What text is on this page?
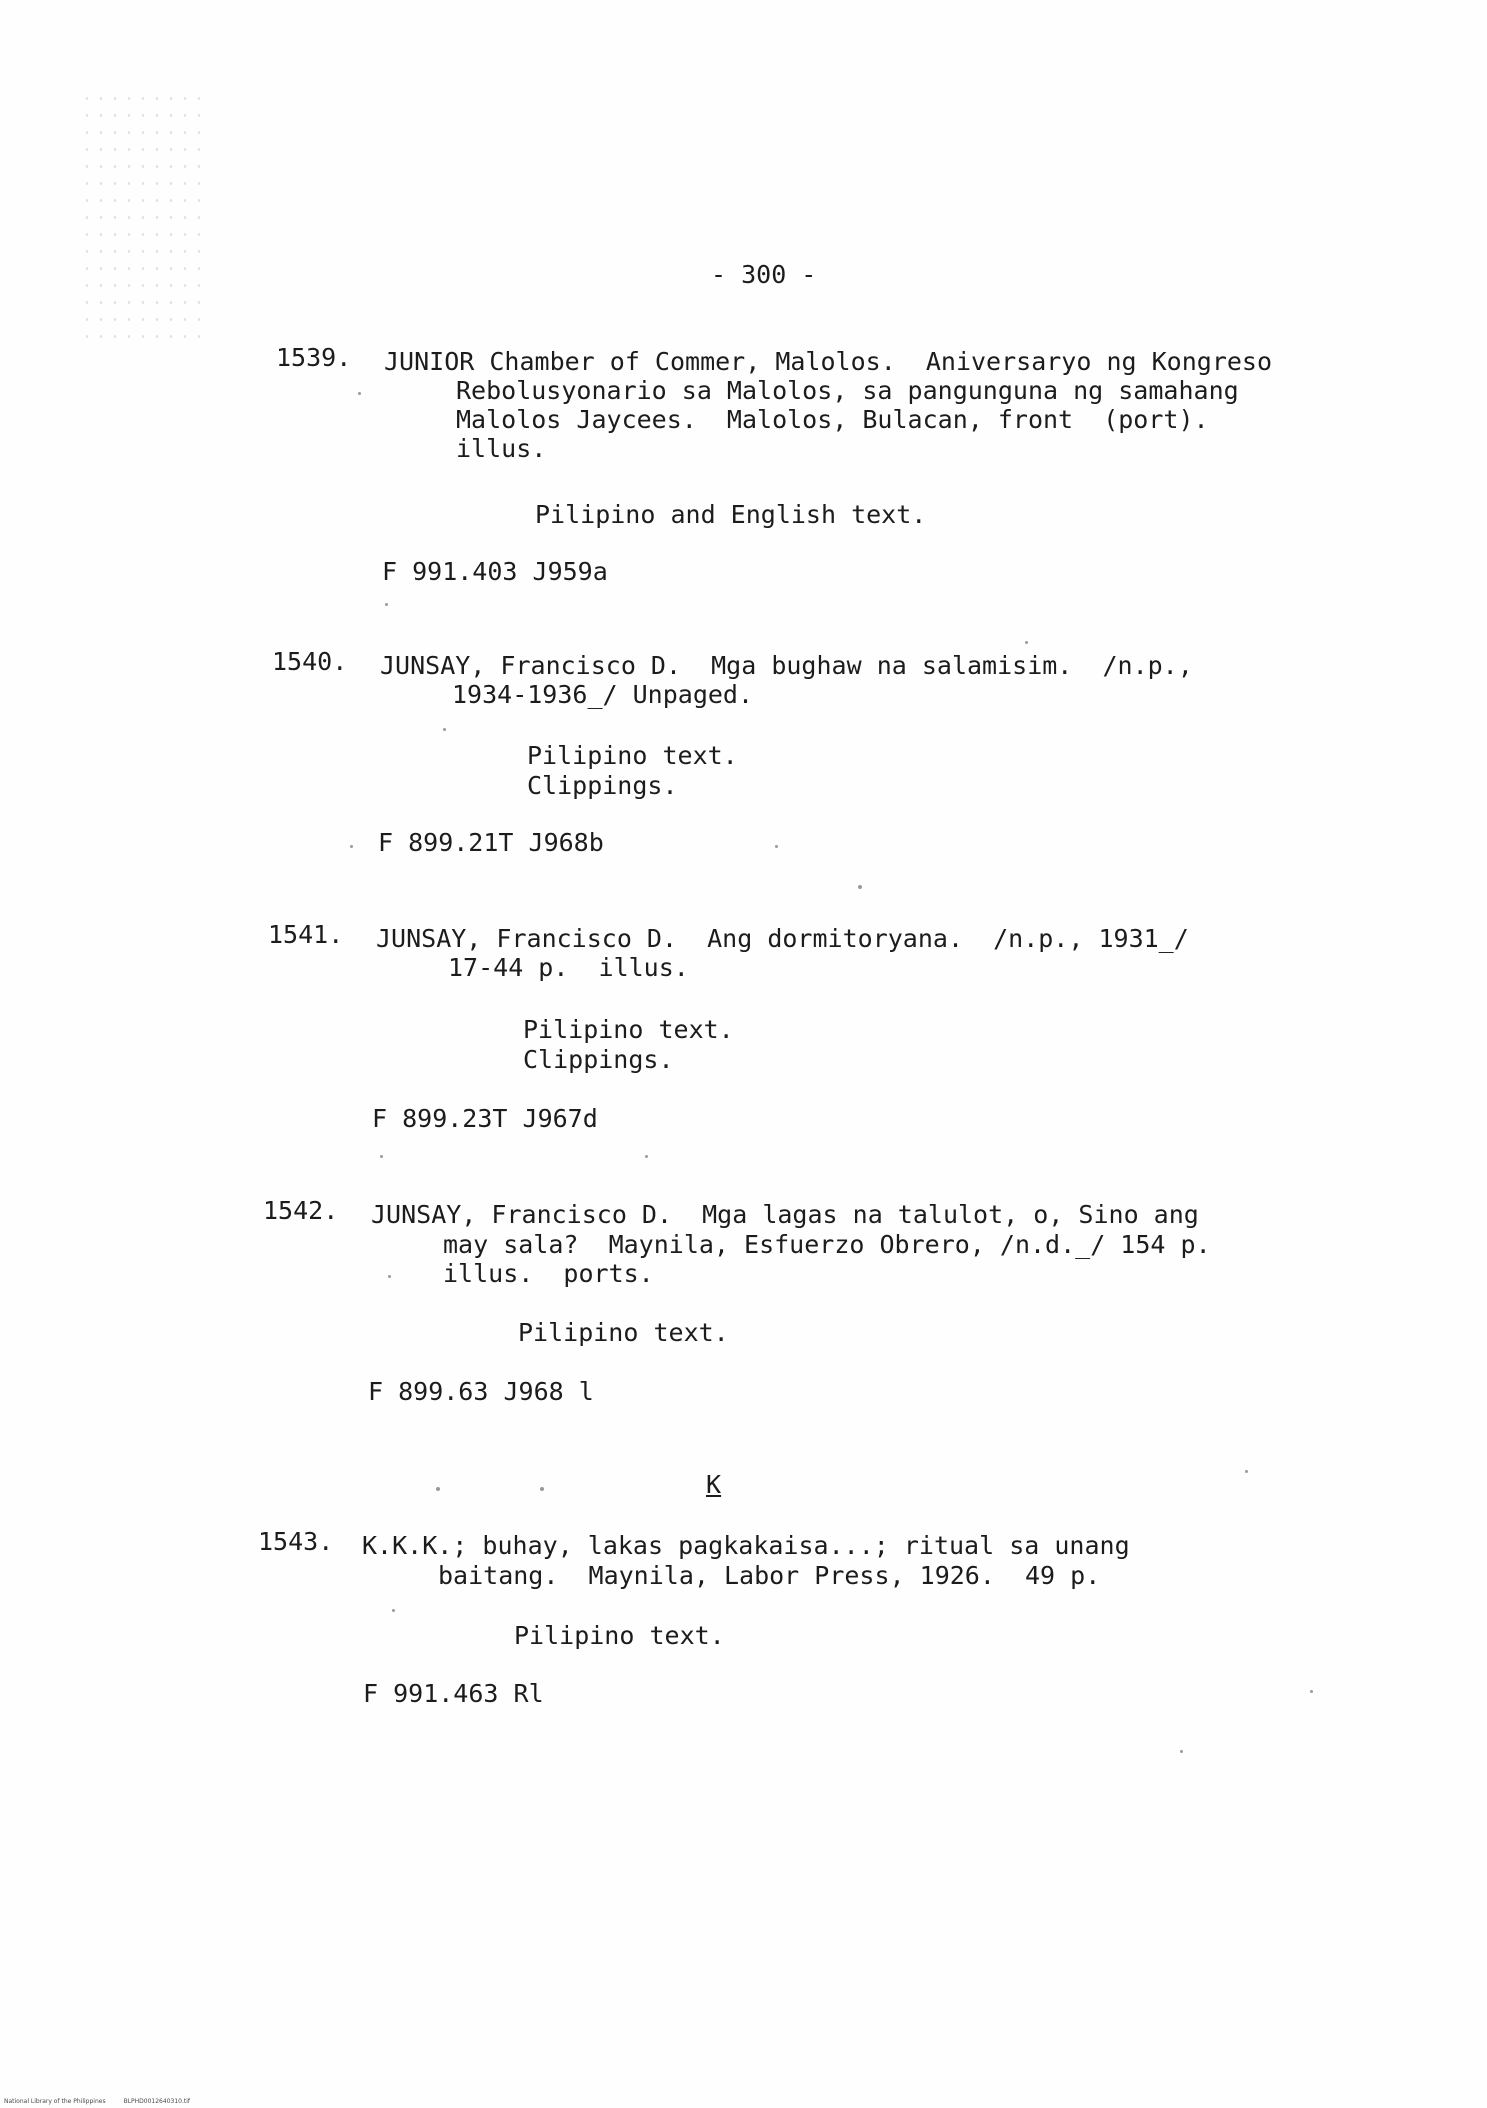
- 300 -

1539.

JUNIOR Chamber of Commer, Malolos.  Aniversaryo ng Kongreso

Rebolusyonario sa Malolos, sa pangunguna ng samahang

Malolos Jaycees.  Malolos, Bulacan, front  (port).

illus.

Pilipino and English text.

F 991.403 J959a

1540.

JUNSAY, Francisco D.  Mga bughaw na salamisim.  /n.p.,

1934-1936_/ Unpaged.

Pilipino text.

Clippings.

F 899.21T J968b

1541.

JUNSAY, Francisco D.  Ang dormitoryana.  /n.p., 1931_/

17-44 p.  illus.

Pilipino text.

Clippings.

F 899.23T J967d

1542.

JUNSAY, Francisco D.  Mga lagas na talulot, o, Sino ang

may sala?  Maynila, Esfuerzo Obrero, /n.d._/ 154 p.

illus.  ports.

Pilipino text.

F 899.63 J968 l

K

1543.

K.K.K.; buhay, lakas pagkakaisa...; ritual sa unang

baitang.  Maynila, Labor Press, 1926.  49 p.

Pilipino text.

F 991.463 Rl

National Library of the Philippines	BLPHD0012640310.tif
